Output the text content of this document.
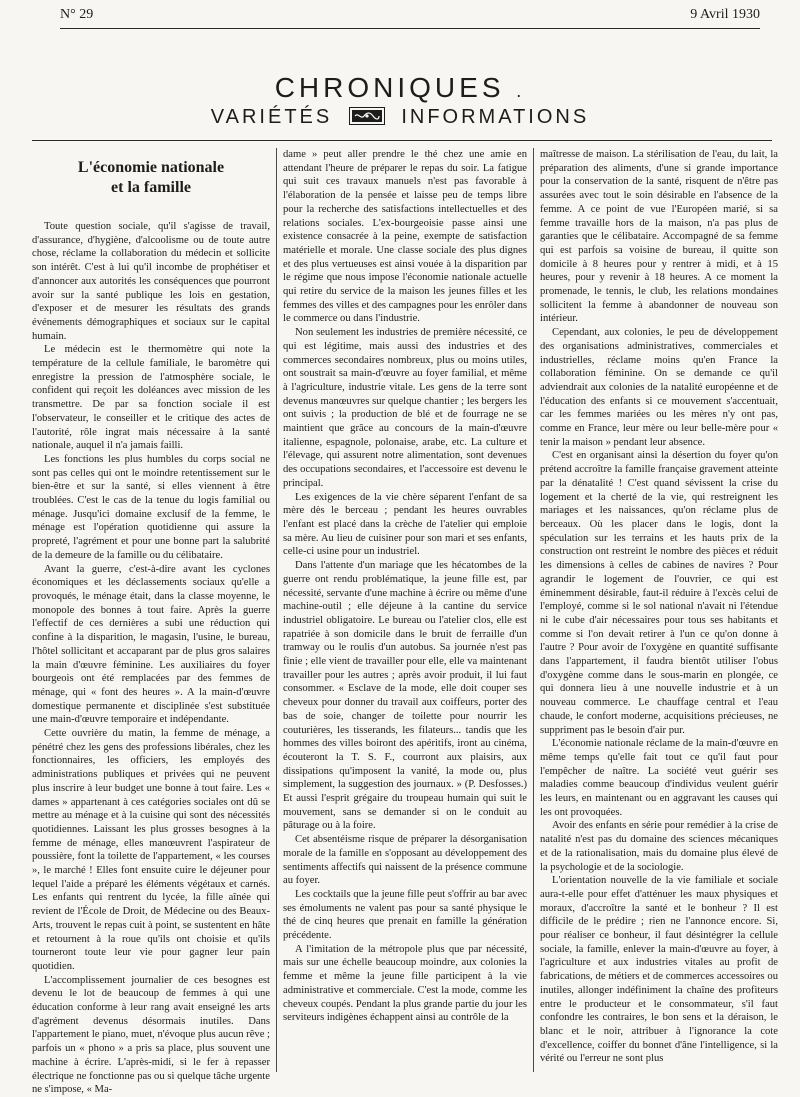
N° 29	9 Avril 1930
CHRONIQUES .
VARIÉTÉS	INFORMATIONS
L'économie nationale
et la famille

Toute question sociale, qu'il s'agisse de travail, d'assurance, d'hygiène, d'alcoolisme ou de toute autre chose, réclame la collaboration du médecin et sollicite son intérêt. C'est à lui qu'il incombe de prophétiser et d'annoncer aux autorités les conséquences que pourront avoir sur la santé publique les lois en gestation, d'exposer et de mesurer les résultats des grands événements démographiques et sociaux sur le capital humain.

Le médecin est le thermomètre qui note la température de la cellule familiale, le baromètre qui enregistre la pression de l'atmosphère sociale, le confident qui reçoit les doléances avec mission de les transmettre. De par sa fonction sociale il est l'observateur, le conseiller et le critique des actes de l'autorité, rôle ingrat mais nécessaire à la santé nationale, auquel il n'a jamais failli.

Les fonctions les plus humbles du corps social ne sont pas celles qui ont le moindre retentissement sur le bien-être et sur la santé, si elles viennent à être troublées. C'est le cas de la tenue du logis familial ou ménage. Jusqu'ici domaine exclusif de la femme, le ménage est l'opération quotidienne qui assure la propreté, l'agrément et pour une bonne part la salubrité de la demeure de la famille ou du célibataire.

Avant la guerre, c'est-à-dire avant les cyclones économiques et les déclassements sociaux qu'elle a provoqués, le ménage était, dans la classe moyenne, le monopole des bonnes à tout faire. Après la guerre l'effectif de ces dernières a subi une réduction qui confine à la disparition, le magasin, l'usine, le bureau, l'hôtel sollicitant et accaparant par de plus gros salaires la main d'œuvre féminine. Les auxiliaires du foyer bourgeois ont été remplacées par des femmes de ménage, qui « font des heures ». A la main-d'œuvre domestique permanente et disciplinée s'est substituée une main-d'œuvre temporaire et indépendante.

Cette ouvrière du matin, la femme de ménage, a pénétré chez les gens des professions libérales, chez les fonctionnaires, les officiers, les employés des administrations publiques et privées qui ne peuvent plus inscrire à leur budget une bonne à tout faire. Les « dames » appartenant à ces catégories sociales ont dû se mettre au ménage et à la cuisine qui sont des nécessités quotidiennes. Laissant les plus grosses besognes à la femme de ménage, elles manœuvrent l'aspirateur de poussière, font la toilette de l'appartement, « les courses », le marché ! Elles font ensuite cuire le déjeuner pour lequel l'aide a préparé les éléments végétaux et carnés. Les enfants qui rentrent du lycée, la fille aînée qui revient de l'École de Droit, de Médecine ou des Beaux-Arts, trouvent le repas cuit à point, se sustentent en hâte et retournent à la roue qu'ils ont choisie et qu'ils tourneront toute leur vie pour gagner leur pain quotidien.

L'accomplissement journalier de ces besognes est devenu le lot de beaucoup de femmes à qui une éducation conforme à leur rang avait enseigné les arts d'agrément devenus désormais inutiles. Dans l'appartement le piano, muet, n'évoque plus aucun rêve ; parfois un « phono » a pris sa place, plus souvent une machine à écrire. L'après-midi, si le fer à repasser électrique ne fonctionne pas ou si quelque tâche urgente ne s'impose, « Ma-

dame » peut aller prendre le thé chez une amie en attendant l'heure de préparer le repas du soir. La fatigue qui suit ces travaux manuels n'est pas favorable à l'élaboration de la pensée et laisse peu de temps libre pour la recherche des satisfactions intellectuelles et des relations sociales. L'ex-bourgeoisie passe ainsi une existence consacrée à la peine, exempte de satisfaction matérielle et morale. Une classe sociale des plus dignes et des plus vertueuses est ainsi vouée à la disparition par le régime que nous impose l'économie nationale actuelle qui retire du service de la maison les jeunes filles et les femmes des villes et des campagnes pour les enrôler dans le commerce ou dans l'industrie.

Non seulement les industries de première nécessité, ce qui est légitime, mais aussi des industries et des commerces secondaires nombreux, plus ou moins utiles, ont soustrait sa main-d'œuvre au foyer familial, et même à l'agriculture, industrie vitale. Les gens de la terre sont devenus manœuvres sur quelque chantier ; les bergers les ont suivis ; la production de blé et de fourrage ne se maintient que grâce au concours de la main-d'œuvre italienne, espagnole, polonaise, arabe, etc. La culture et l'élevage, qui assurent notre alimentation, sont devenues des occupations secondaires, et l'accessoire est devenu le principal.

Les exigences de la vie chère séparent l'enfant de sa mère dès le berceau ; pendant les heures ouvrables l'enfant est placé dans la crèche de l'atelier qui emploie sa mère. Au lieu de cuisiner pour son mari et ses enfants, celle-ci usine pour un industriel.

Dans l'attente d'un mariage que les hécatombes de la guerre ont rendu problématique, la jeune fille est, par nécessité, servante d'une machine à écrire ou même d'une machine-outil ; elle déjeune à la cantine du service industriel obligatoire. Le bureau ou l'atelier clos, elle est rapatriée à son domicile dans le bruit de ferraille d'un tramway ou le roulis d'un autobus. Sa journée n'est pas finie ; elle vient de travailler pour elle, elle va maintenant travailler pour les autres ; après avoir produit, il lui faut consommer. « Esclave de la mode, elle doit couper ses cheveux pour donner du travail aux coiffeurs, porter des bas de soie, changer de toilette pour nourrir les couturières, les tisserands, les filateurs... tandis que les hommes des villes boiront des apéritifs, iront au cinéma, écouteront la T. S. F., courront aux plaisirs, aux dissipations qu'imposent la vanité, la mode ou, plus simplement, la suggestion des journaux. » (P. Desfosses.) Et aussi l'esprit grégaire du troupeau humain qui suit le mouvement, sans se demander si on le conduit au pâturage ou à la foire.

Cet absentéisme risque de préparer la désorganisation morale de la famille en s'opposant au développement des sentiments affectifs qui naissent de la présence commune au foyer.

Les cocktails que la jeune fille peut s'offrir au bar avec ses émoluments ne valent pas pour sa santé physique le thé de cinq heures que prenait en famille la génération précédente.

A l'imitation de la métropole plus que par nécessité, mais sur une échelle beaucoup moindre, aux colonies la femme et même la jeune fille participent à la vie administrative et commerciale. C'est la mode, comme les cheveux coupés. Pendant la plus grande partie du jour les serviteurs indigènes échappent ainsi au contrôle de la

maîtresse de maison. La stérilisation de l'eau, du lait, la préparation des aliments, d'une si grande importance pour la conservation de la santé, risquent de n'être pas assurées avec tout le soin désirable en l'absence de la femme. A ce point de vue l'Européen marié, si sa femme travaille hors de la maison, n'a pas plus de garanties que le célibataire. Accompagné de sa femme qui est parfois sa voisine de bureau, il quitte son domicile à 8 heures pour y rentrer à midi, et à 15 heures, pour y revenir à 18 heures. A ce moment la promenade, le tennis, le club, les relations mondaines sollicitent la femme à abandonner de nouveau son intérieur.

Cependant, aux colonies, le peu de développement des organisations administratives, commerciales et industrielles, réclame moins qu'en France la collaboration féminine. On se demande ce qu'il adviendrait aux colonies de la natalité européenne et de l'éducation des enfants si ce mouvement s'accentuait, car les femmes mariées ou les mères n'y ont pas, comme en France, leur mère ou leur belle-mère pour « tenir la maison » pendant leur absence.

C'est en organisant ainsi la désertion du foyer qu'on prétend accroître la famille française gravement atteinte par la dénatalité ! C'est quand sévissent la crise du logement et la cherté de la vie, qui restreignent les mariages et les naissances, qu'on réclame plus de berceaux. Où les placer dans le logis, dont la spéculation sur les terrains et les hauts prix de la construction ont restreint le nombre des pièces et réduit les dimensions à celles de cabines de navires ? Pour agrandir le logement de l'ouvrier, ce qui est éminemment désirable, faut-il réduire à l'excès celui de l'employé, comme si le sol national n'avait ni l'étendue ni le cube d'air nécessaires pour tous ses habitants et comme si l'on devait retirer à l'un ce qu'on donne à l'autre ? Pour avoir de l'oxygène en quantité suffisante dans l'appartement, il faudra bientôt utiliser l'obus d'oxygène comme dans le sous-marin en plongée, ce qui donnera lieu à une nouvelle industrie et à un nouveau commerce. Le chauffage central et l'eau chaude, le confort moderne, acquisitions précieuses, ne suppriment pas le besoin d'air pur.

L'économie nationale réclame de la main-d'œuvre en même temps qu'elle fait tout ce qu'il faut pour l'empêcher de naître. La société veut guérir ses maladies comme beaucoup d'individus veulent guérir les leurs, en maintenant ou en aggravant les causes qui les ont provoquées.

Avoir des enfants en série pour remédier à la crise de natalité n'est pas du domaine des sciences mécaniques et de la rationalisation, mais du domaine plus élevé de la psychologie et de la sociologie.

L'orientation nouvelle de la vie familiale et sociale aura-t-elle pour effet d'atténuer les maux physiques et moraux, d'accroître la santé et le bonheur ? Il est difficile de le prédire ; rien ne l'annonce encore. Si, pour réaliser ce bonheur, il faut désintégrer la cellule sociale, la famille, enlever la main-d'œuvre au foyer, à l'agriculture et aux industries vitales au profit de fabrications, de métiers et de commerces accessoires ou inutiles, allonger indéfiniment la chaîne des profiteurs entre le producteur et le consommateur, s'il faut confondre les contraires, le bon sens et la déraison, le blanc et le noir, attribuer à l'ignorance la cote d'excellence, coiffer du bonnet d'âne l'intelligence, si la vérité ou l'erreur ne sont plus
